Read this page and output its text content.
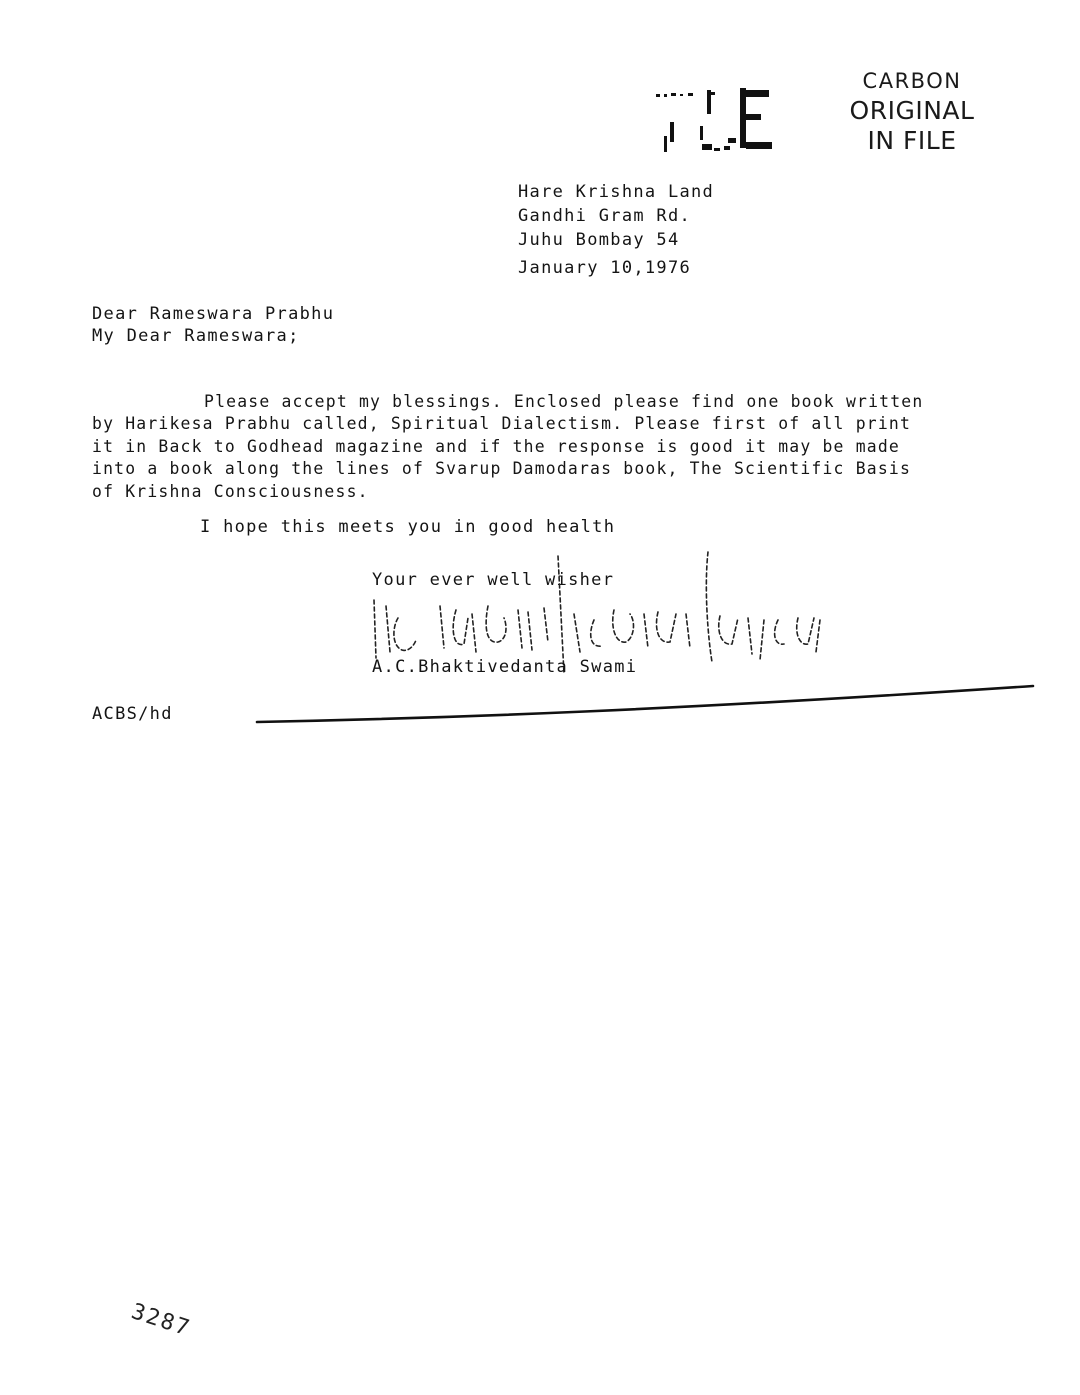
CARBON
ORIGINAL
IN FILE
FILE
Hare Krishna Land
Gandhi Gram Rd.
Juhu Bombay 54
January 10,1976
Dear Rameswara Prabhu
My Dear Rameswara;

Please accept my blessings. Enclosed please find one book written by Harikesa Prabhu called, Spiritual Dialectism. Please first of all print it in Back to Godhead magazine and if the response is good it may be made into a book along the lines of Svarup Damodaras book, The Scientific Basis of Krishna Consciousness.

I hope this meets you in good health
Your ever well wisher
A.C.Bhaktivedanta Swami
ACBS/hd
3287
